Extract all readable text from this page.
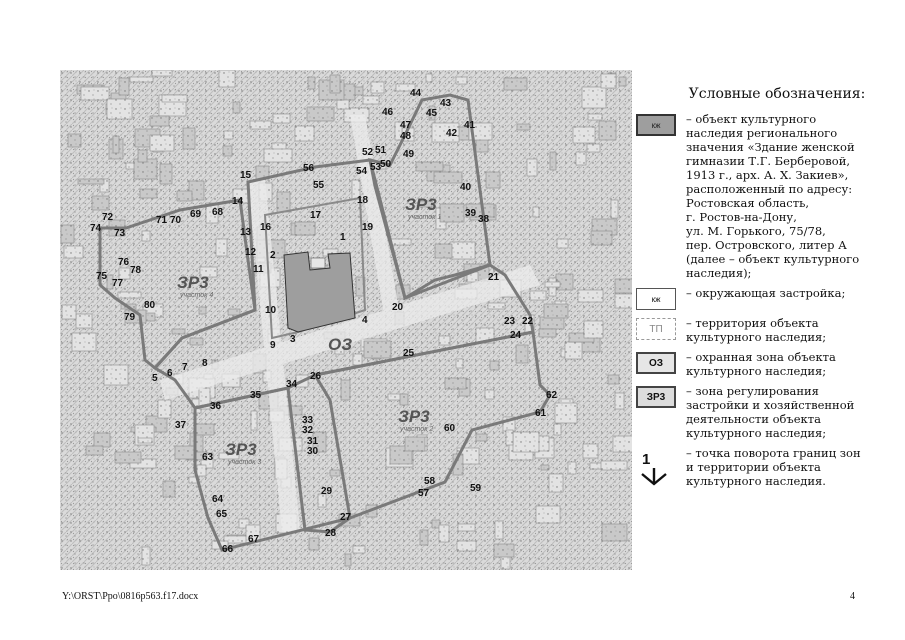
ЗР3
участок 1
ЗР3
участок 4
ЗР3
участок 2
ЗР3
участок 3
ОЗ
1
2
3
4
5 6
7 8
9
10
11
12
13
14
15
16
17
18
19
20
21
22
23
24
25
26
27
28
29
30
31
32
33
34
35
36
37
38
39
40
41
42
43
44
45
46
47
48
49
50
51
52
53
54
55
56
57
58
59
60
61
62
63
64
65
66
67
68
69
70
71
72
73
74
75
76
77
78
79
80
Условные обозначения:
кж	– объект культурного
наследия регионального
значения «Здание женской
гимназии Т.Г. Берберовой,
1913 г., арх. А. Х. Закиев»,
расположенный по адресу:
Ростовская область,
г. Ростов-на-Дону,
ул. М. Горького, 75/78,
пер. Островского, литер А
(далее – объект культурного
наследия);
кж	– окружающая застройка;
ТП	– территория объекта
культурного наследия;
ОЗ	– охранная зона объекта
культурного наследия;
ЗР3	– зона регулирования
застройки и хозяйственной
деятельности объекта
культурного наследия;
1	– точка поворота границ зон
и территории объекта
культурного наследия.
Y:\ORST\Ppo\0816p563.f17.docx	4
